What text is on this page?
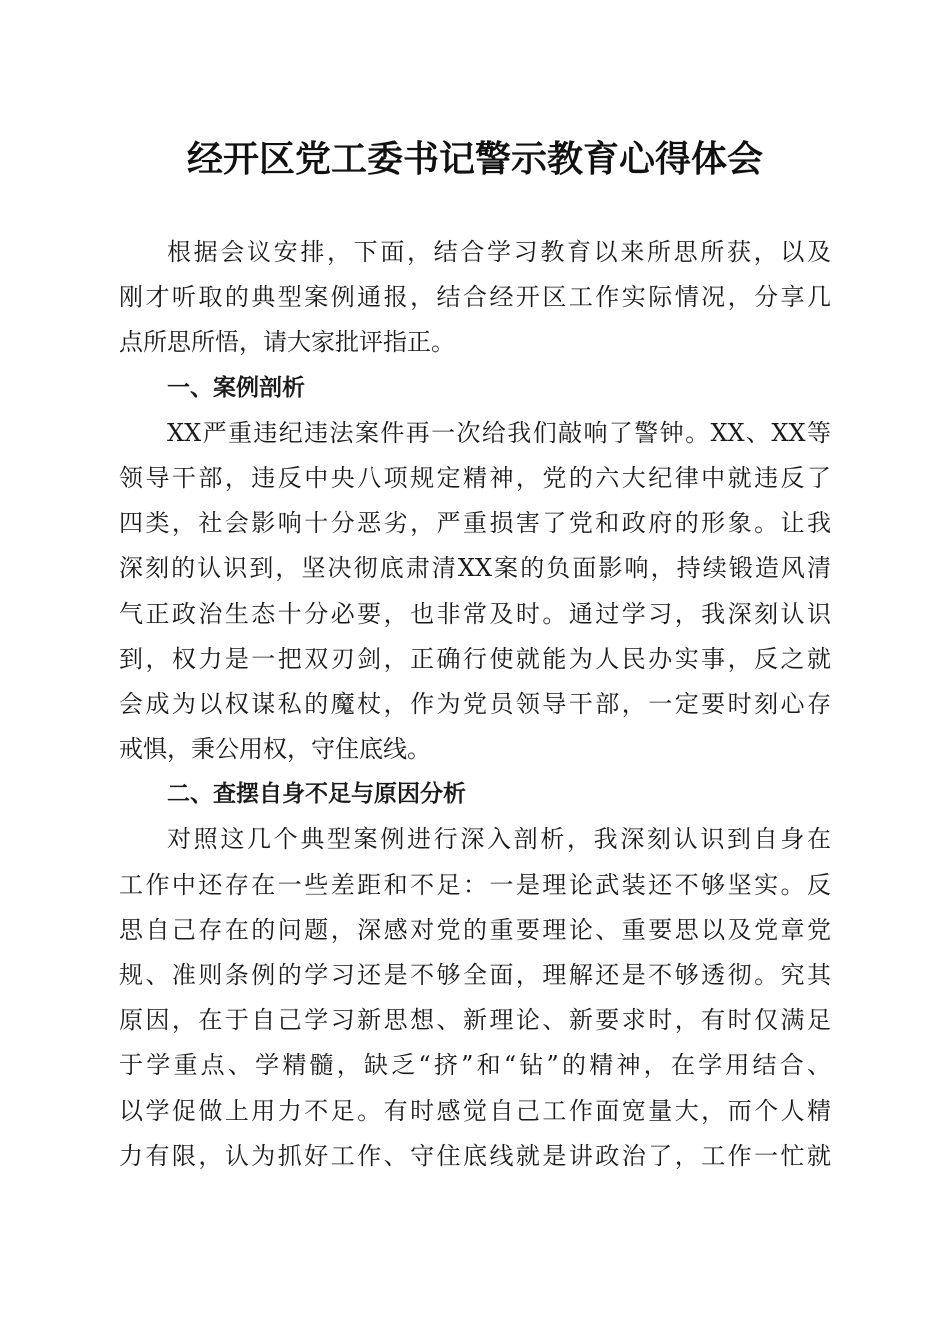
经开区党工委书记警示教育心得体会
根据会议安排，下面，结合学习教育以来所思所获，以及
刚才听取的典型案例通报，结合经开区工作实际情况，分享几
点所思所悟，请大家批评指正。
一、案例剖析
XX严重违纪违法案件再一次给我们敲响了警钟。XX、XX等
领导干部，违反中央八项规定精神，党的六大纪律中就违反了
四类，社会影响十分恶劣，严重损害了党和政府的形象。让我
深刻的认识到，坚决彻底肃清XX案的负面影响，持续锻造风清
气正政治生态十分必要，也非常及时。通过学习，我深刻认识
到，权力是一把双刃剑，正确行使就能为人民办实事，反之就
会成为以权谋私的魔杖，作为党员领导干部，一定要时刻心存
戒惧，秉公用权，守住底线。
二、查摆自身不足与原因分析
对照这几个典型案例进行深入剖析，我深刻认识到自身在
工作中还存在一些差距和不足：一是理论武装还不够坚实。反
思自己存在的问题，深感对党的重要理论、重要思以及党章党
规、准则条例的学习还是不够全面，理解还是不够透彻。究其
原因，在于自己学习新思想、新理论、新要求时，有时仅满足
于学重点、学精髓，缺乏“挤”和“钻”的精神，在学用结合、
以学促做上用力不足。有时感觉自己工作面宽量大，而个人精
力有限，认为抓好工作、守住底线就是讲政治了，工作一忙就
